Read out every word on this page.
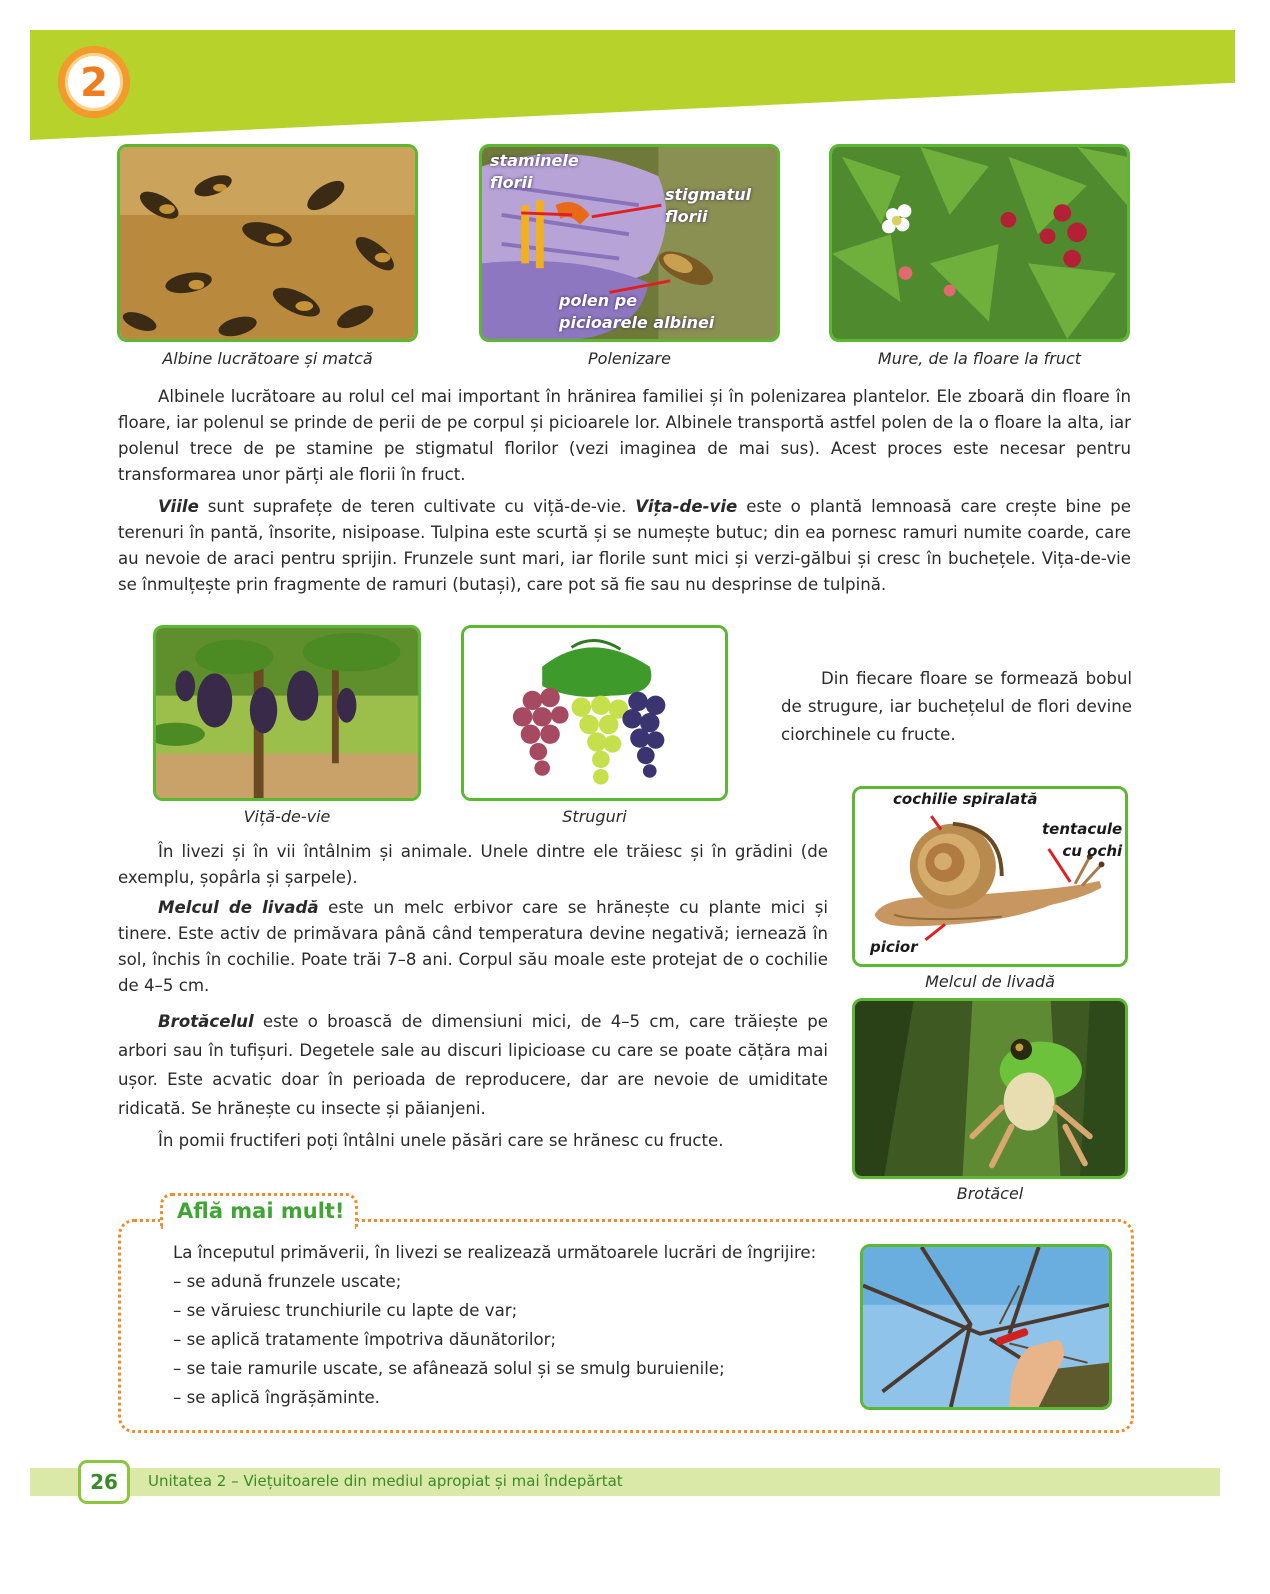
2
Albine lucrătoare și matcă
staminele
florii
stigmatul
florii
polen pe
picioarele albinei
Polenizare	Mure, de la floare la fruct
Albinele lucrătoare au rolul cel mai important în hrănirea familiei și în polenizarea plantelor. Ele zboară din floare în floare, iar polenul se prinde de perii de pe corpul și picioarele lor. Albinele transportă astfel polen de la o floare la alta, iar polenul trece de pe stamine pe stigmatul florilor (vezi imaginea de mai sus). Acest proces este necesar pentru transformarea unor părți ale florii în fruct.
Viile sunt suprafețe de teren cultivate cu viță-de-vie. Vița-de-vie este o plantă lemnoasă care crește bine pe terenuri în pantă, însorite, nisipoase. Tulpina este scurtă și se numește butuc; din ea pornesc ramuri numite coarde, care au nevoie de araci pentru sprijin. Frunzele sunt mari, iar florile sunt mici și verzi-gălbui și cresc în buchețele. Vița-de-vie se înmulțește prin fragmente de ramuri (butași), care pot să fie sau nu desprinse de tulpină.
Viță-de-vie	Struguri
Din fiecare floare se formează bobul de strugure, iar buchețelul de flori devine ciorchinele cu fructe.
cochilie spiralată
tentacule
cu ochi
picior
Melcul de livadă
Brotăcel
În livezi și în vii întâlnim și animale. Unele dintre ele trăiesc și în grădini (de exemplu, șopârla și șarpele).
Melcul de livadă este un melc erbivor care se hrănește cu plante mici și tinere. Este activ de primăvara până când temperatura devine negativă; iernează în sol, închis în cochilie. Poate trăi 7–8 ani. Corpul său moale este protejat de o cochilie de 4–5 cm.
Brotăcelul este o broască de dimensiuni mici, de 4–5 cm, care trăiește pe arbori sau în tufișuri. Degetele sale au discuri lipicioase cu care se poate cățăra mai ușor. Este acvatic doar în perioada de reproducere, dar are nevoie de umiditate ridicată. Se hrănește cu insecte și păianjeni.
În pomii fructiferi poți întâlni unele păsări care se hrănesc cu fructe.
Află mai mult!
La începutul primăverii, în livezi se realizează următoarele lucrări de îngrijire:
– se adună frunzele uscate;
– se văruiesc trunchiurile cu lapte de var;
– se aplică tratamente împotriva dăunătorilor;
– se taie ramurile uscate, se afânează solul și se smulg buruienile;
– se aplică îngrășăminte.
26	Unitatea 2 – Viețuitoarele din mediul apropiat și mai îndepărtat
